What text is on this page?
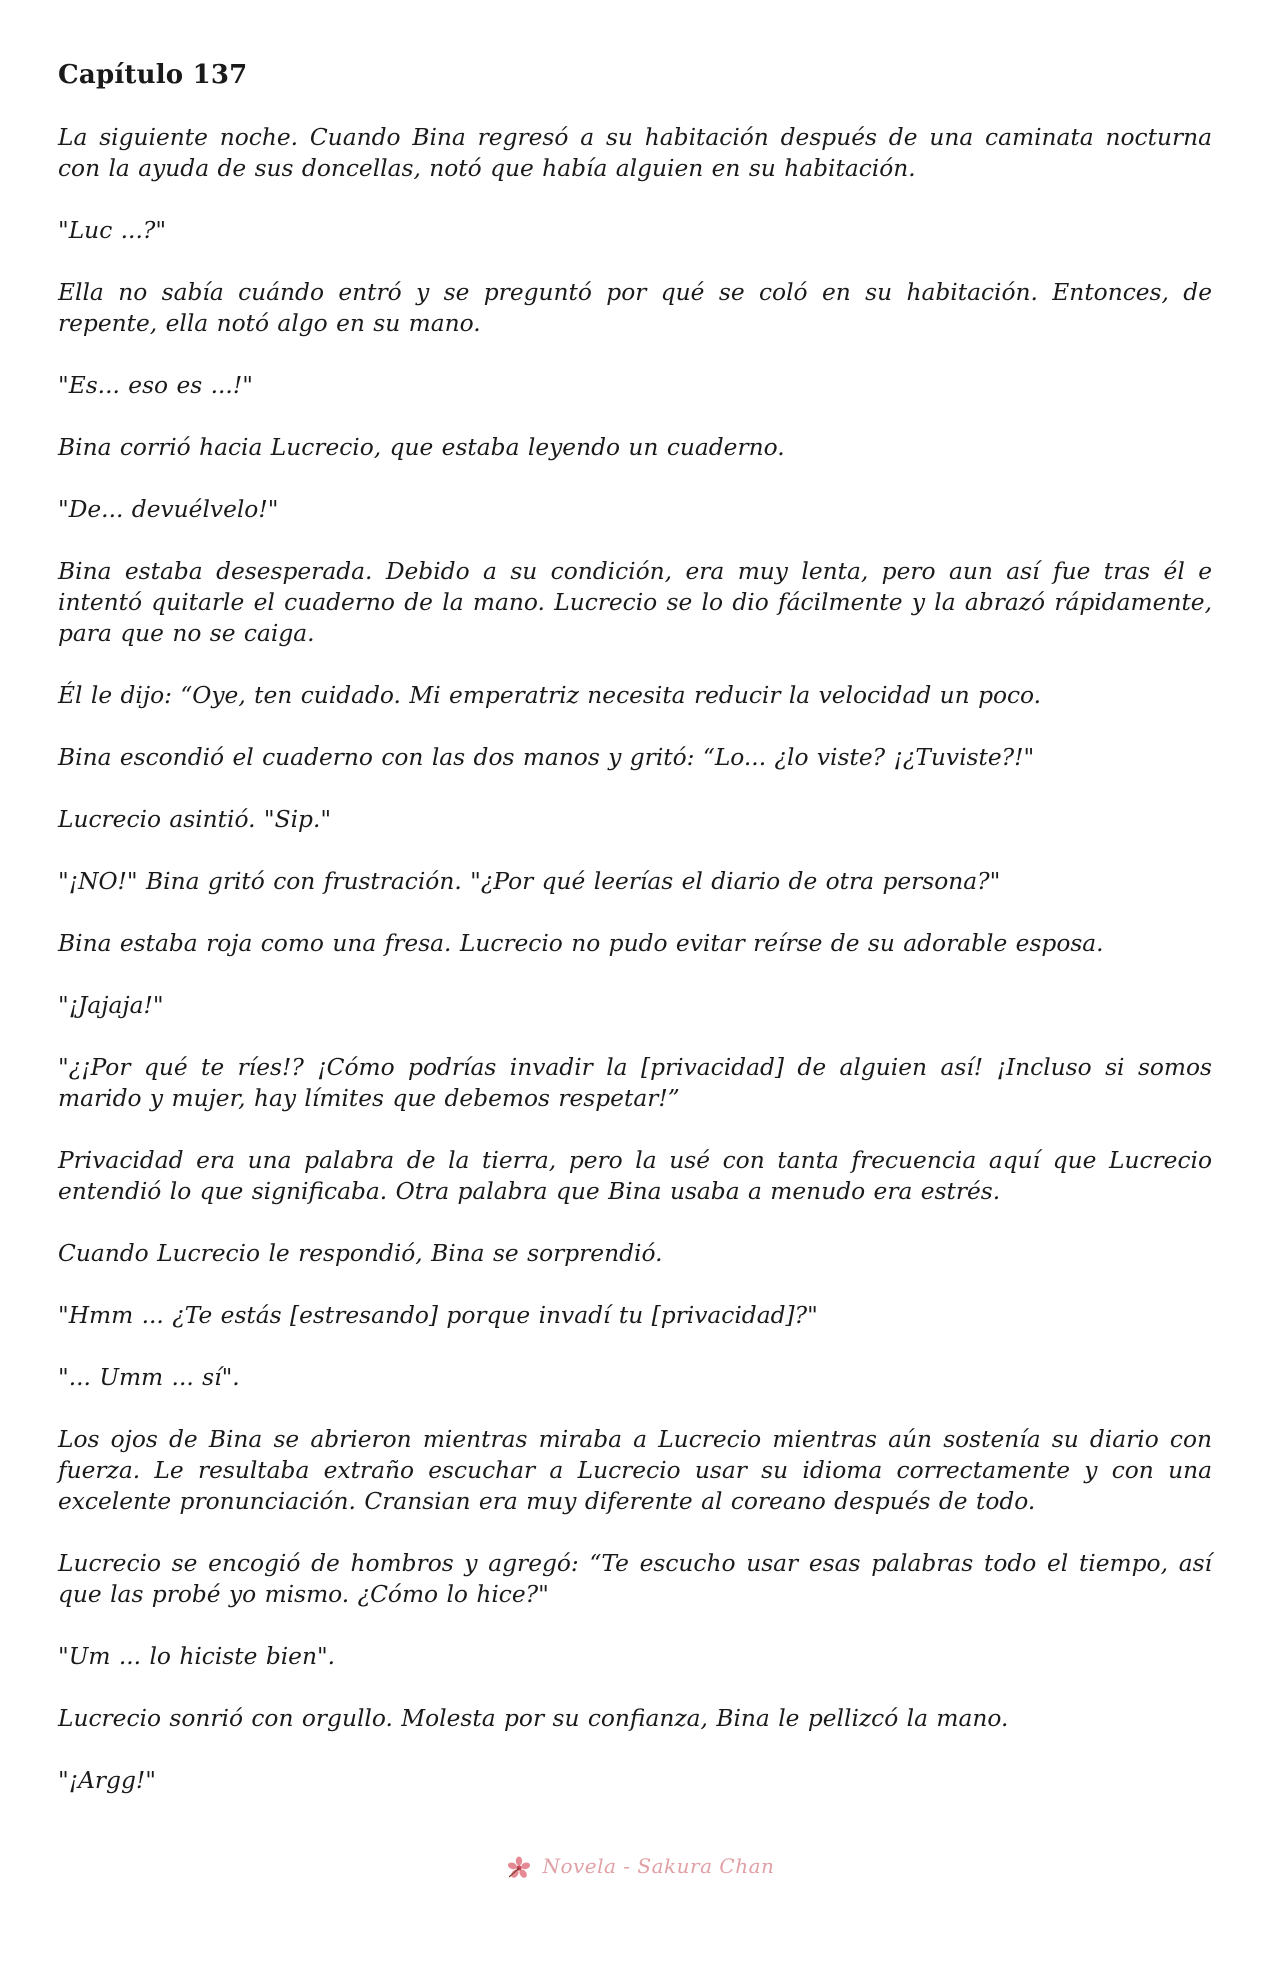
Capítulo 137

La siguiente noche. Cuando Bina regresó a su habitación después de una caminata nocturna con la ayuda de sus doncellas, notó que había alguien en su habitación.

"Luc ...?"

Ella no sabía cuándo entró y se preguntó por qué se coló en su habitación. Entonces, de repente, ella notó algo en su mano.

"Es... eso es ...!"

Bina corrió hacia Lucrecio, que estaba leyendo un cuaderno.

"De... devuélvelo!"

Bina estaba desesperada. Debido a su condición, era muy lenta, pero aun así fue tras él e intentó quitarle el cuaderno de la mano. Lucrecio se lo dio fácilmente y la abrazó rápidamente, para que no se caiga.

Él le dijo: “Oye, ten cuidado. Mi emperatriz necesita reducir la velocidad un poco.

Bina escondió el cuaderno con las dos manos y gritó: “Lo... ¿lo viste? ¡¿Tuviste?!"

Lucrecio asintió. "Sip."

"¡NO!" Bina gritó con frustración. "¿Por qué leerías el diario de otra persona?"

Bina estaba roja como una fresa. Lucrecio no pudo evitar reírse de su adorable esposa.

"¡Jajaja!"

"¿¡Por qué te ríes!? ¡Cómo podrías invadir la [privacidad] de alguien así! ¡Incluso si somos marido y mujer, hay límites que debemos respetar!”

Privacidad era una palabra de la tierra, pero la usé con tanta frecuencia aquí que Lucrecio entendió lo que significaba. Otra palabra que Bina usaba a menudo era estrés.

Cuando Lucrecio le respondió, Bina se sorprendió.

"Hmm ... ¿Te estás [estresando] porque invadí tu [privacidad]?"

"... Umm ... sí".

Los ojos de Bina se abrieron mientras miraba a Lucrecio mientras aún sostenía su diario con fuerza. Le resultaba extraño escuchar a Lucrecio usar su idioma correctamente y con una excelente pronunciación. Cransian era muy diferente al coreano después de todo.

Lucrecio se encogió de hombros y agregó: “Te escucho usar esas palabras todo el tiempo, así que las probé yo mismo. ¿Cómo lo hice?"

"Um ... lo hiciste bien".

Lucrecio sonrió con orgullo. Molesta por su confianza, Bina le pellizcó la mano.

"¡Argg!"

Novela - Sakura Chan
